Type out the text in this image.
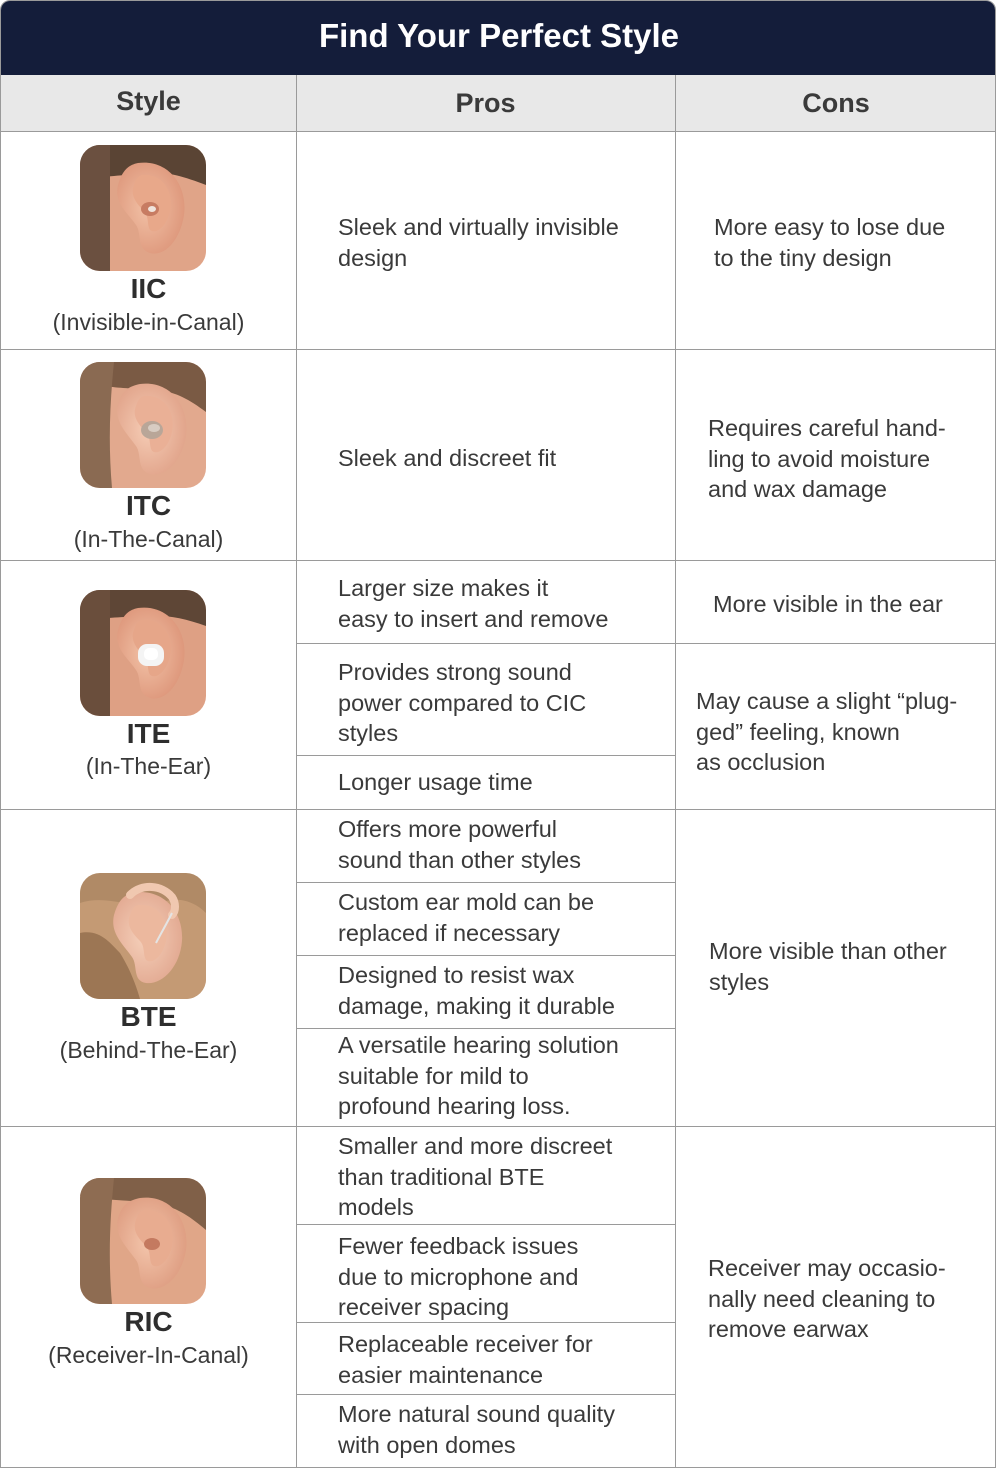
Find Your Perfect Style
Style	Pros	Cons
IIC
(Invisible-in-Canal)
Sleek and virtually invisible
design
More easy to lose due
to the tiny design
ITC
(In-The-Canal)
Sleek and discreet fit
Requires careful hand-
ling to avoid moisture
and wax damage
ITE
(In-The-Ear)
Larger size makes it
easy to insert and remove
Provides strong sound
power compared to CIC
styles
Longer usage time
More visible in the ear
May cause a slight “plug-
ged” feeling, known
as occlusion
BTE
(Behind-The-Ear)
Offers more powerful
sound than other styles
Custom ear mold can be
replaced if necessary
Designed to resist wax
damage, making it durable
A versatile hearing solution
suitable for mild to
profound hearing loss.
More visible than other
styles
RIC
(Receiver-In-Canal)
Smaller and more discreet
than traditional BTE
models
Fewer feedback issues
due to microphone and
receiver spacing
Replaceable receiver for
easier maintenance
More natural sound quality
with open domes
Receiver may occasio-
nally need cleaning to
remove earwax
